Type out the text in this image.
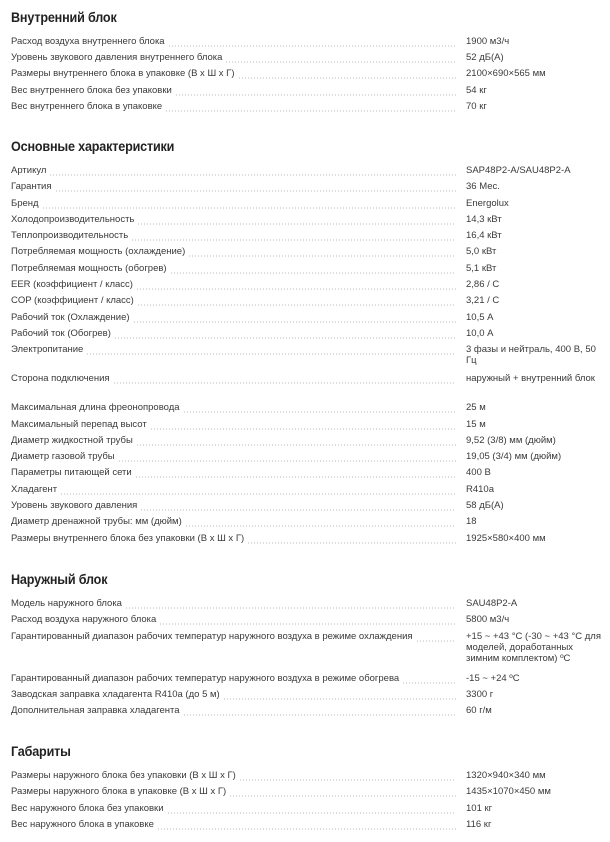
Внутренний блок
Расход воздуха внутреннего блока	1900 м3/ч
Уровень звукового давления внутреннего блока	52 дБ(А)
Размеры внутреннего блока в упаковке (В х Ш х Г)	2100×690×565 мм
Вес внутреннего блока без упаковки	54 кг
Вес внутреннего блока в упаковке	70 кг
Основные характеристики
Артикул	SAP48P2-A/SAU48P2-A
Гарантия	36 Мес.
Бренд	Energolux
Холодопроизводительность	14,3 кВт
Теплопроизводительность	16,4 кВт
Потребляемая мощность (охлаждение)	5,0 кВт
Потребляемая мощность (обогрев)	5,1 кВт
EER (коэффициент / класс)	2,86 / C
COP (коэффициент / класс)	3,21 / C
Рабочий ток (Охлаждение)	10,5 А
Рабочий ток (Обогрев)	10,0 А
Электропитание	3 фазы и нейтраль, 400 В, 50 Гц
Сторона подключения	наружный + внутренний блок
Максимальная длина фреонопровода	25 м
Максимальный перепад высот	15 м
Диаметр жидкостной трубы	9,52 (3/8) мм (дюйм)
Диаметр газовой трубы	19,05 (3/4) мм (дюйм)
Параметры питающей сети	400 В
Хладагент	R410a
Уровень звукового давления	58 дБ(А)
Диаметр дренажной трубы: мм (дюйм)	18
Размеры внутреннего блока без упаковки (В х Ш х Г)	1925×580×400 мм
Наружный блок
Модель наружного блока	SAU48P2-A
Расход воздуха наружного блока	5800 м3/ч
Гарантированный диапазон рабочих температур наружного воздуха в режиме охлаждения	+15 ~ +43 °С (-30 ~ +43 °С для моделей, доработанных зимним комплектом) ºС
Гарантированный диапазон рабочих температур наружного воздуха в режиме обогрева	-15 ~ +24 ºС
Заводская заправка хладагента R410a (до 5 м)	3300 г
Дополнительная заправка хладагента	60 г/м
Габариты
Размеры наружного блока без упаковки (В х Ш х Г)	1320×940×340 мм
Размеры наружного блока в упаковке (В х Ш х Г)	1435×1070×450 мм
Вес наружного блока без упаковки	101 кг
Вес наружного блока в упаковке	116 кг
